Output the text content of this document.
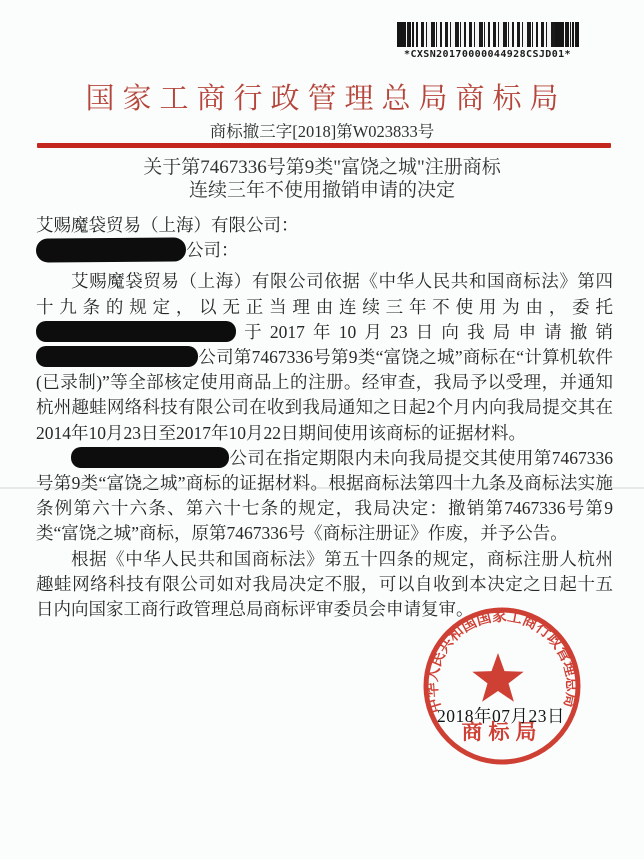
*CXSN20170000044928CSJD01*
国家工商行政管理总局商标局
商标撤三字[2018]第W023833号
关于第7467336号第9类"富饶之城"注册商标
连续三年不使用撤销申请的决定
艾赐魔袋贸易（上海）有限公司：
公司：

艾赐魔袋贸易（上海）有限公司依据《中华人民共和国商标法》第四十九条的规定，以无正当理由连续三年不使用为由，委托于2017年10月23日向我局申请撤销公司第7467336号第9类“富饶之城”商标在“计算机软件(已录制)”等全部核定使用商品上的注册。经审查，我局予以受理，并通知杭州趣蛙网络科技有限公司在收到我局通知之日起2个月内向我局提交其在2014年10月23日至2017年10月22日期间使用该商标的证据材料。

公司在指定期限内未向我局提交其使用第7467336号第9类“富饶之城”商标的证据材料。根据商标法第四十九条及商标法实施条例第六十六条、第六十七条的规定，我局决定：撤销第7467336号第9类“富饶之城”商标，原第7467336号《商标注册证》作废，并予公告。

根据《中华人民共和国商标法》第五十四条的规定，商标注册人杭州趣蛙网络科技有限公司如对我局决定不服，可以自收到本决定之日起十五日内向国家工商行政管理总局商标评审委员会申请复审。

中华人民共和国国家工商行政管理总局
商标局
2018年07月23日
